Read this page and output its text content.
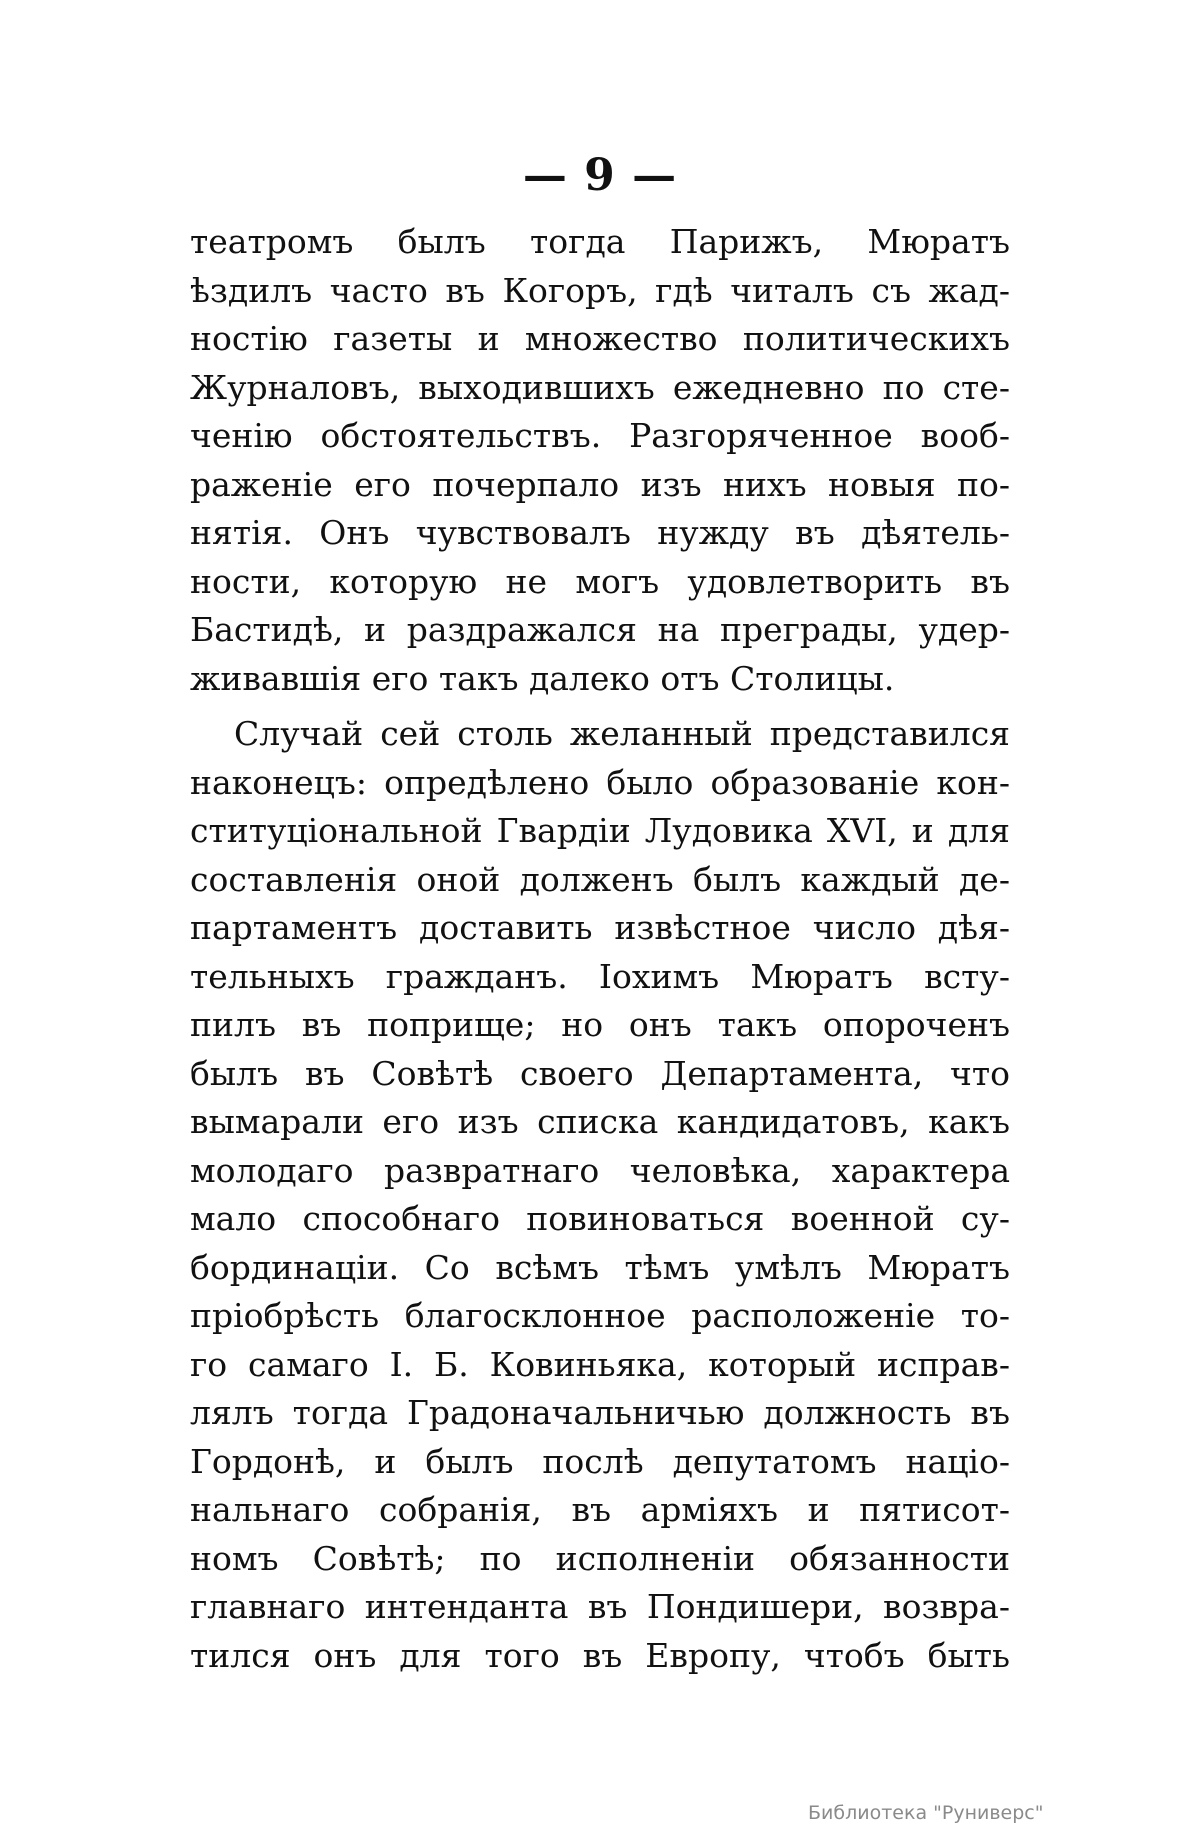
— 9 —
театромъ былъ тогда Парижъ, Мюратъ
ѣздилъ часто въ Когоръ, гдѣ читалъ съ жад-
ностію газеты и множество политическихъ
Журналовъ, выходившихъ ежедневно по сте-
ченію обстоятельствъ. Разгоряченное вооб-
раженіе его почерпало изъ нихъ новыя по-
нятія. Онъ чувствовалъ нужду въ дѣятель-
ности, которую не могъ удовлетворить въ
Бастидѣ, и раздражался на преграды, удер-
живавшія его такъ далеко отъ Столицы.
Случай сей столь желанный представился
наконецъ: опредѣлено было образованіе кон-
ституціональной Гвардіи Лудовика XVI, и для
составленія оной долженъ былъ каждый де-
партаментъ доставить извѣстное число дѣя-
тельныхъ гражданъ. Іохимъ Мюратъ всту-
пилъ въ поприще; но онъ такъ опороченъ
былъ въ Совѣтѣ своего Департамента, что
вымарали его изъ списка кандидатовъ, какъ
молодаго развратнаго человѣка, характера
мало способнаго повиноваться военной су-
бординаціи. Со всѣмъ тѣмъ умѣлъ Мюратъ
пріобрѣсть благосклонное расположеніе то-
го самаго І. Б. Ковиньяка, который исправ-
лялъ тогда Градоначальничью должность въ
Гордонѣ, и былъ послѣ депутатомъ націо-
нальнаго собранія, въ арміяхъ и пятисот-
номъ Совѣтѣ; по исполненіи обязанности
главнаго интенданта въ Пондишери, возвра-
тился онъ для того въ Европу, чтобъ быть
Библиотека "Руниверс"
